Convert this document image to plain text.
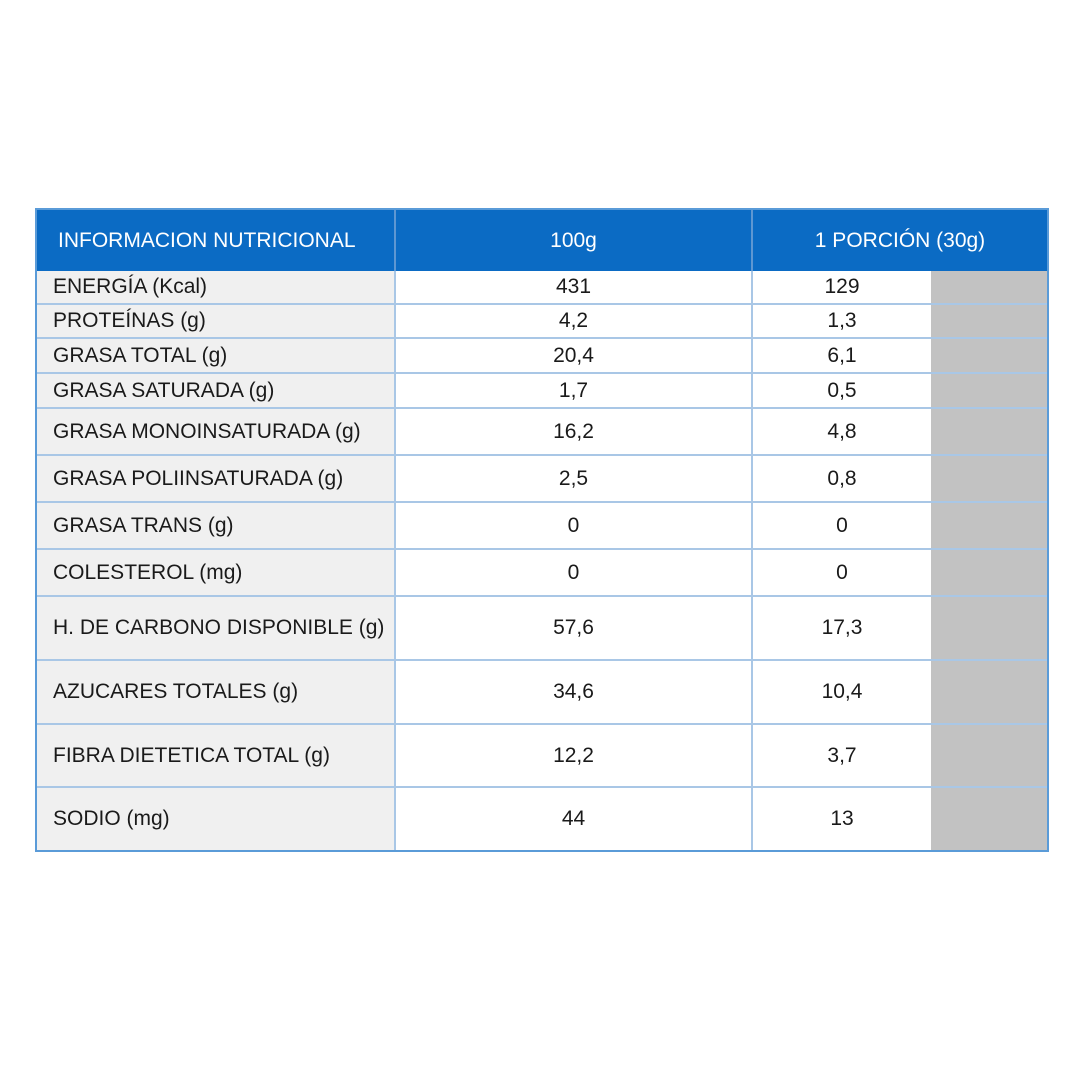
INFORMACION NUTRICIONAL	100g	1 PORCIÓN (30g)
ENERGÍA (Kcal)	431	129
PROTEÍNAS (g)	4,2	1,3
GRASA TOTAL (g)	20,4	6,1
GRASA SATURADA (g)	1,7	0,5
GRASA MONOINSATURADA (g)	16,2	4,8
GRASA POLIINSATURADA (g)	2,5	0,8
GRASA TRANS (g)	0	0
COLESTEROL (mg)	0	0
H. DE CARBONO DISPONIBLE (g)	57,6	17,3
AZUCARES TOTALES (g)	34,6	10,4
FIBRA DIETETICA TOTAL (g)	12,2	3,7
SODIO (mg)	44	13
